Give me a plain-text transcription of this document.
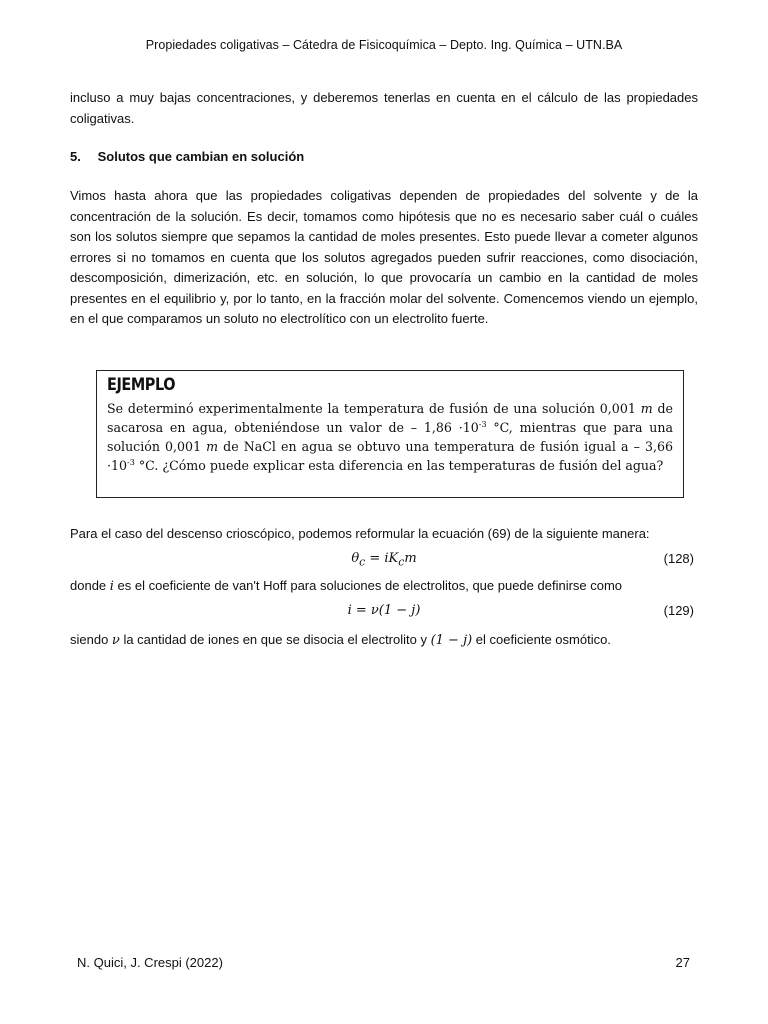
Propiedades coligativas – Cátedra de Fisicoquímica – Depto. Ing. Química – UTN.BA

incluso a muy bajas concentraciones, y deberemos tenerlas en cuenta en el cálculo de las propiedades coligativas.

5. Solutos que cambian en solución

Vimos hasta ahora que las propiedades coligativas dependen de propiedades del solvente y de la concentración de la solución. Es decir, tomamos como hipótesis que no es necesario saber cuál o cuáles son los solutos siempre que sepamos la cantidad de moles presentes. Esto puede llevar a cometer algunos errores si no tomamos en cuenta que los solutos agregados pueden sufrir reacciones, como disociación, descomposición, dimerización, etc. en solución, lo que provocaría un cambio en la cantidad de moles presentes en el equilibrio y, por lo tanto, en la fracción molar del solvente. Comencemos viendo un ejemplo, en el que comparamos un soluto no electrolítico con un electrolito fuerte.

EJEMPLO

Se determinó experimentalmente la temperatura de fusión de una solución 0,001 m de sacarosa en agua, obteniéndose un valor de – $1,86 \cdot 10^{-3}$ °C, mientras que para una solución 0,001 m de NaCl en agua se obtuvo una temperatura de fusión igual $a - 3,66 \cdot 10^{-3}$ °C. ¿Cómo puede explicar esta diferencia en las temperaturas de fusión del agua?

Para el caso del descenso crioscópico, podemos reformular la ecuación (69) de la siguiente manera:

$\theta_c = iK_cm$	(128)

donde i es el coeficiente de van't Hoff para soluciones de electrolitos, que puede definirse como

i = ν(1 − j)	(129)

siendo ν la cantidad de iones en que se disocia el electrolito y (1 − j) el coeficiente osmótico.

N. Quici, J. Crespi (2022)	27
